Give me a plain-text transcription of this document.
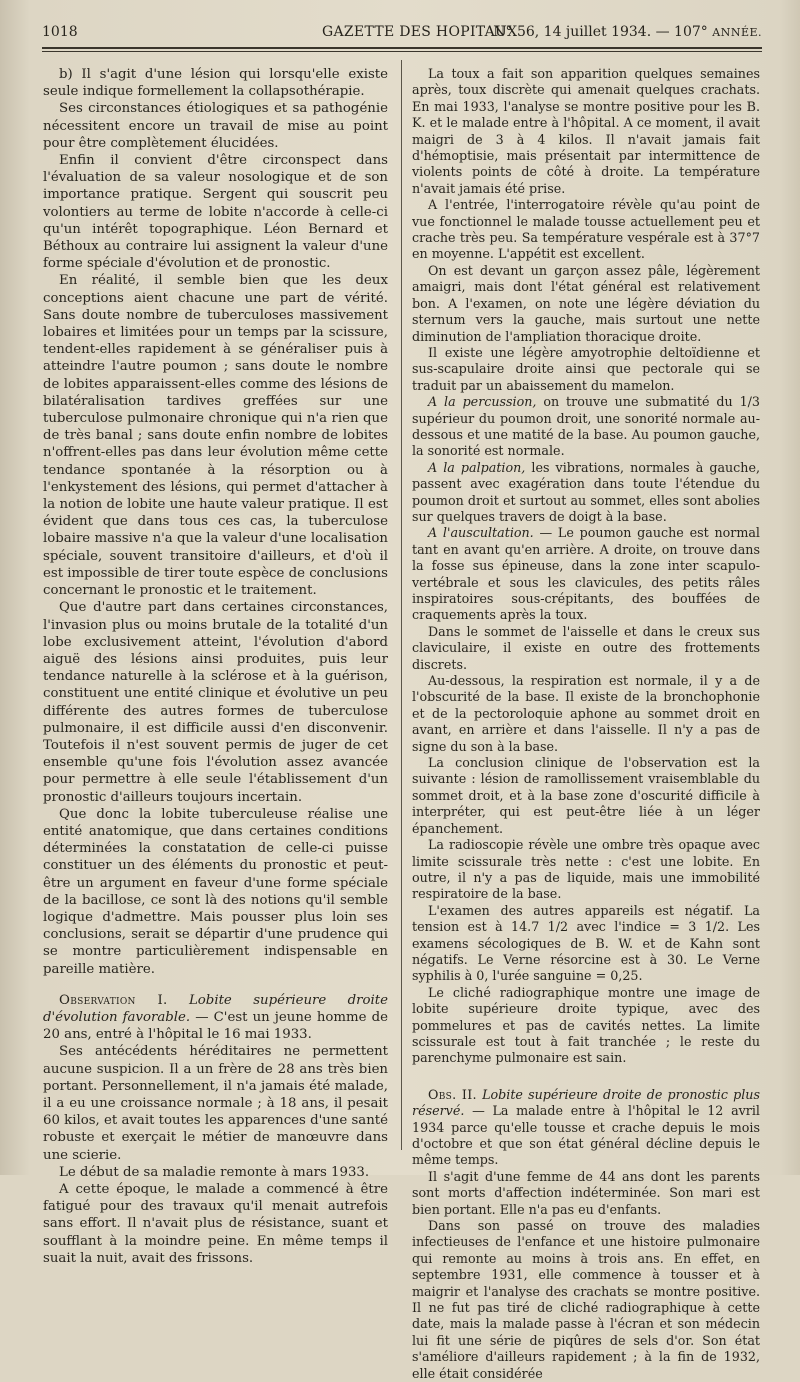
1018	GAZETTE DES HOPITAUX
N° 56, 14 juillet 1934. — 107° ANNÉE.

b) Il s'agit d'une lésion qui lorsqu'elle existe seule indique formellement la collapsothérapie.

Ses circonstances étiologiques et sa pathogénie nécessitent encore un travail de mise au point pour être complètement élucidées.

Enfin il convient d'être circonspect dans l'évaluation de sa valeur nosologique et de son importance pratique. Sergent qui souscrit peu volontiers au terme de lobite n'accorde à celle-ci qu'un intérêt topographique. Léon Bernard et Béthoux au contraire lui assignent la valeur d'une forme spéciale d'évolution et de pronostic.

En réalité, il semble bien que les deux conceptions aient chacune une part de vérité. Sans doute nombre de tuberculoses massivement lobaires et limitées pour un temps par la scissure, tendent-elles rapidement à se généraliser puis à atteindre l'autre poumon ; sans doute le nombre de lobites apparaissent-elles comme des lésions de bilatéralisation tardives greffées sur une tuberculose pulmonaire chronique qui n'a rien que de très banal ; sans doute enfin nombre de lobites n'offrent-elles pas dans leur évolution même cette tendance spontanée à la résorption ou à l'enkystement des lésions, qui permet d'attacher à la notion de lobite une haute valeur pratique. Il est évident que dans tous ces cas, la tuberculose lobaire massive n'a que la valeur d'une localisation spéciale, souvent transitoire d'ailleurs, et d'où il est impossible de tirer toute espèce de conclusions concernant le pronostic et le traitement.

Que d'autre part dans certaines circonstances, l'invasion plus ou moins brutale de la totalité d'un lobe exclusivement atteint, l'évolution d'abord aiguë des lésions ainsi produites, puis leur tendance naturelle à la sclérose et à la guérison, constituent une entité clinique et évolutive un peu différente des autres formes de tuberculose pulmonaire, il est difficile aussi d'en disconvenir. Toutefois il n'est souvent permis de juger de cet ensemble qu'une fois l'évolution assez avancée pour permettre à elle seule l'établissement d'un pronostic d'ailleurs toujours incertain.

Que donc la lobite tuberculeuse réalise une entité anatomique, que dans certaines conditions déterminées la constatation de celle-ci puisse constituer un des éléments du pronostic et peut-être un argument en faveur d'une forme spéciale de la bacillose, ce sont là des notions qu'il semble logique d'admettre. Mais pousser plus loin ses conclusions, serait se départir d'une prudence qui se montre particulièrement indispensable en pareille matière.

Observation I. Lobite supérieure droite d'évolution favorable. — C'est un jeune homme de 20 ans, entré à l'hôpital le 16 mai 1933.

Ses antécédents héréditaires ne permettent aucune suspicion. Il a un frère de 28 ans très bien portant. Personnellement, il n'a jamais été malade, il a eu une croissance normale ; à 18 ans, il pesait 60 kilos, et avait toutes les apparences d'une santé robuste et exerçait le métier de manœuvre dans une scierie.

Le début de sa maladie remonte à mars 1933.

A cette époque, le malade a commencé à être fatigué pour des travaux qu'il menait autrefois sans effort. Il n'avait plus de résistance, suant et soufflant à la moindre peine. En même temps il suait la nuit, avait des frissons.

La toux a fait son apparition quelques semaines après, toux discrète qui amenait quelques crachats. En mai 1933, l'analyse se montre positive pour les B. K. et le malade entre à l'hôpital. A ce moment, il avait maigri de 3 à 4 kilos. Il n'avait jamais fait d'hémoptisie, mais présentait par intermittence de violents points de côté à droite. La température n'avait jamais été prise.

A l'entrée, l'interrogatoire révèle qu'au point de vue fonctionnel le malade tousse actuellement peu et crache très peu. Sa température vespérale est à 37°7 en moyenne. L'appétit est excellent.

On est devant un garçon assez pâle, légèrement amaigri, mais dont l'état général est relativement bon. A l'examen, on note une légère déviation du sternum vers la gauche, mais surtout une nette diminution de l'ampliation thoracique droite.

Il existe une légère amyotrophie deltoïdienne et sus-scapulaire droite ainsi que pectorale qui se traduit par un abaissement du mamelon.

A la percussion, on trouve une submatité du 1/3 supérieur du poumon droit, une sonorité normale au-dessous et une matité de la base. Au poumon gauche, la sonorité est normale.

A la palpation, les vibrations, normales à gauche, passent avec exagération dans toute l'étendue du poumon droit et surtout au sommet, elles sont abolies sur quelques travers de doigt à la base.

A l'auscultation. — Le poumon gauche est normal tant en avant qu'en arrière. A droite, on trouve dans la fosse sus épineuse, dans la zone inter scapulo-vertébrale et sous les clavicules, des petits râles inspiratoires sous-crépitants, des bouffées de craquements après la toux.

Dans le sommet de l'aisselle et dans le creux sus claviculaire, il existe en outre des frottements discrets.

Au-dessous, la respiration est normale, il y a de l'obscurité de la base. Il existe de la bronchophonie et de la pectoroloquie aphone au sommet droit en avant, en arrière et dans l'aisselle. Il n'y a pas de signe du son à la base.

La conclusion clinique de l'observation est la suivante : lésion de ramollissement vraisemblable du sommet droit, et à la base zone d'oscurité difficile à interpréter, qui est peut-être liée à un léger épanchement.

La radioscopie révèle une ombre très opaque avec limite scissurale très nette : c'est une lobite. En outre, il n'y a pas de liquide, mais une immobilité respiratoire de la base.

L'examen des autres appareils est négatif. La tension est à 14.7 1/2 avec l'indice = 3 1/2. Les examens sécologiques de B. W. et de Kahn sont négatifs. Le Verne résorcine est à 30. Le Verne syphilis à 0, l'urée sanguine = 0,25.

Le cliché radiographique montre une image de lobite supérieure droite typique, avec des pommelures et pas de cavités nettes. La limite scissurale est tout à fait tranchée ; le reste du parenchyme pulmonaire est sain.

Obs. II. Lobite supérieure droite de pronostic plus réservé. — La malade entre à l'hôpital le 12 avril 1934 parce qu'elle tousse et crache depuis le mois d'octobre et que son état général décline depuis le même temps.

Il s'agit d'une femme de 44 ans dont les parents sont morts d'affection indéterminée. Son mari est bien portant. Elle n'a pas eu d'enfants.

Dans son passé on trouve des maladies infectieuses de l'enfance et une histoire pulmonaire qui remonte au moins à trois ans. En effet, en septembre 1931, elle commence à tousser et à maigrir et l'analyse des crachats se montre positive. Il ne fut pas tiré de cliché radiographique à cette date, mais la malade passe à l'écran et son médecin lui fit une série de piqûres de sels d'or. Son état s'améliore d'ailleurs rapidement ; à la fin de 1932, elle était considérée
